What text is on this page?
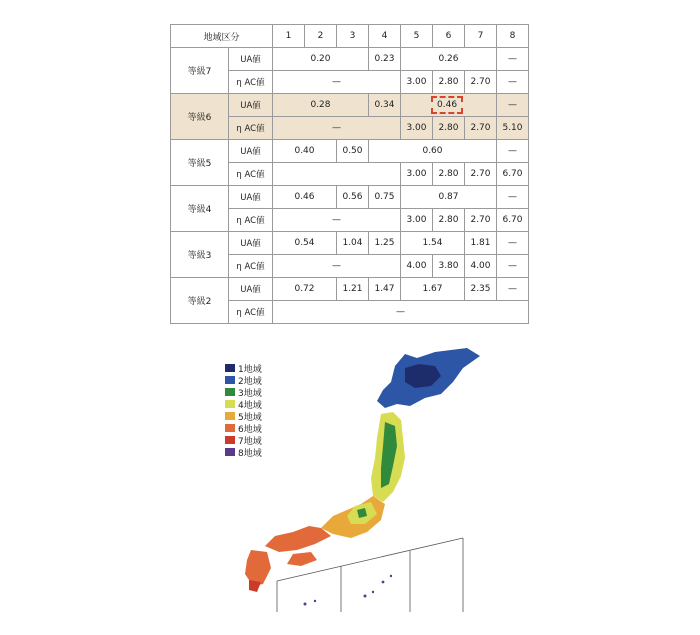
地域区分		1	2	3	4	5	6	7	8
等級7	UA値	0.20			0.23	0.26			—
	η AC値	—				3.00	2.80	2.70	—
等級6	UA値	0.28			0.34	0.46			—
	η AC値	—				3.00	2.80	2.70	5.10
等級5	UA値	0.40		0.50	0.60				—
	η AC値					3.00	2.80	2.70	6.70
等級4	UA値	0.46		0.56	0.75	0.87			—
	η AC値	—				3.00	2.80	2.70	6.70
等級3	UA値	0.54		1.04	1.25	1.54		1.81	—
	η AC値	—				4.00	3.80	4.00	—
等級2	UA値	0.72		1.21	1.47	1.67		2.35	—
	η AC値	—							
1地域
2地域
3地域
4地域
5地域
6地域
7地域
8地域
